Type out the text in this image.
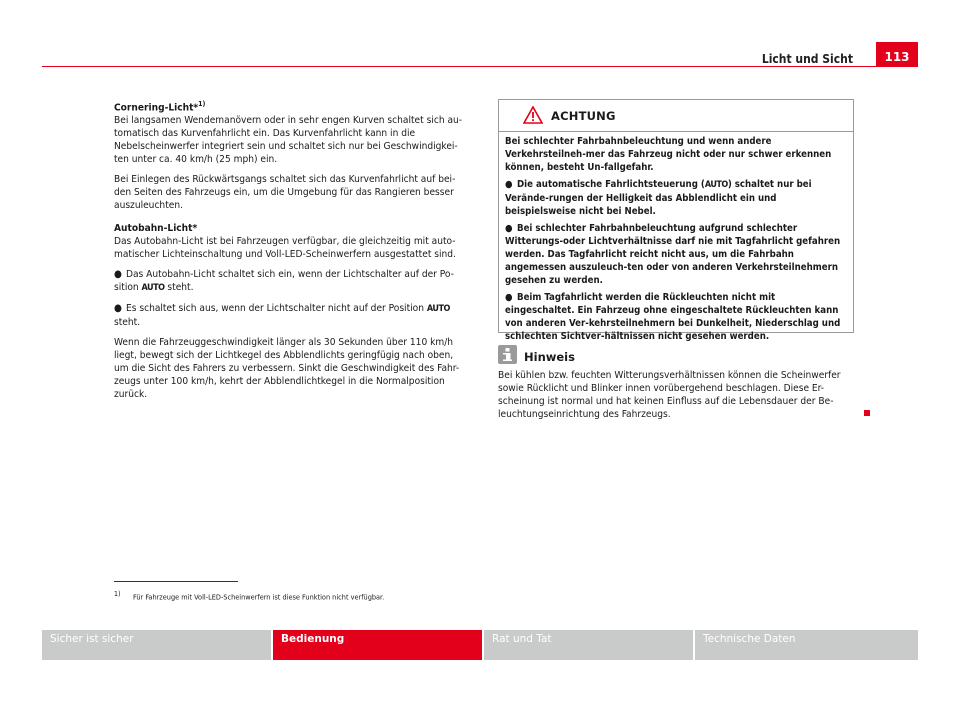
Licht und Sicht	113
Cornering-Licht*$^{1)}$

Bei langsamen Wendemanövern oder in sehr engen Kurven schaltet sich au-tomatisch das Kurvenfahrlicht ein. Das Kurvenfahrlicht kann in die Nebelscheinwerfer integriert sein und schaltet sich nur bei Geschwindigkei-ten unter ca. 40 km/h (25 mph) ein.

Bei Einlegen des Rückwärtsgangs schaltet sich das Kurvenfahrlicht auf bei-den Seiten des Fahrzeugs ein, um die Umgebung für das Rangieren besser auszuleuchten.

Autobahn-Licht*

Das Autobahn-Licht ist bei Fahrzeugen verfügbar, die gleichzeitig mit auto-matischer Lichteinschaltung und Voll-LED-Scheinwerfern ausgestattet sind.

● Das Autobahn-Licht schaltet sich ein, wenn der Lichtschalter auf der Po-sition AUTO steht.

● Es schaltet sich aus, wenn der Lichtschalter nicht auf der Position AUTO steht.

Wenn die Fahrzeuggeschwindigkeit länger als 30 Sekunden über 110 km/h liegt, bewegt sich der Lichtkegel des Abblendlichts geringfügig nach oben, um die Sicht des Fahrers zu verbessern. Sinkt die Geschwindigkeit des Fahr-zeugs unter 100 km/h, kehrt der Abblendlichtkegel in die Normalposition zurück.

ACHTUNG

Bei schlechter Fahrbahnbeleuchtung und wenn andere Verkehrsteilneh-mer das Fahrzeug nicht oder nur schwer erkennen können, besteht Un-fallgefahr.

● Die automatische Fahrlichtsteuerung (AUTO) schaltet nur bei Verände-rungen der Helligkeit das Abblendlicht ein und beispielsweise nicht bei Nebel.

● Bei schlechter Fahrbahnbeleuchtung aufgrund schlechter Witterungs-oder Lichtverhältnisse darf nie mit Tagfahrlicht gefahren werden. Das Tagfahrlicht reicht nicht aus, um die Fahrbahn angemessen auszuleuch-ten oder von anderen Verkehrsteilnehmern gesehen zu werden.

● Beim Tagfahrlicht werden die Rückleuchten nicht mit eingeschaltet. Ein Fahrzeug ohne eingeschaltete Rückleuchten kann von anderen Ver-kehrsteilnehmern bei Dunkelheit, Niederschlag und schlechten Sichtver-hältnissen nicht gesehen werden.

Hinweis
Bei kühlen bzw. feuchten Witterungsverhältnissen können die Scheinwerfer sowie Rücklicht und Blinker innen vorübergehend beschlagen. Diese Er-scheinung ist normal und hat keinen Einfluss auf die Lebensdauer der Be-leuchtungseinrichtung des Fahrzeugs.
$^{1)}$ Für Fahrzeuge mit Voll-LED-Scheinwerfern ist diese Funktion nicht verfügbar.
Sicher ist sicher	Bedienung	Rat und Tat	Technische Daten
